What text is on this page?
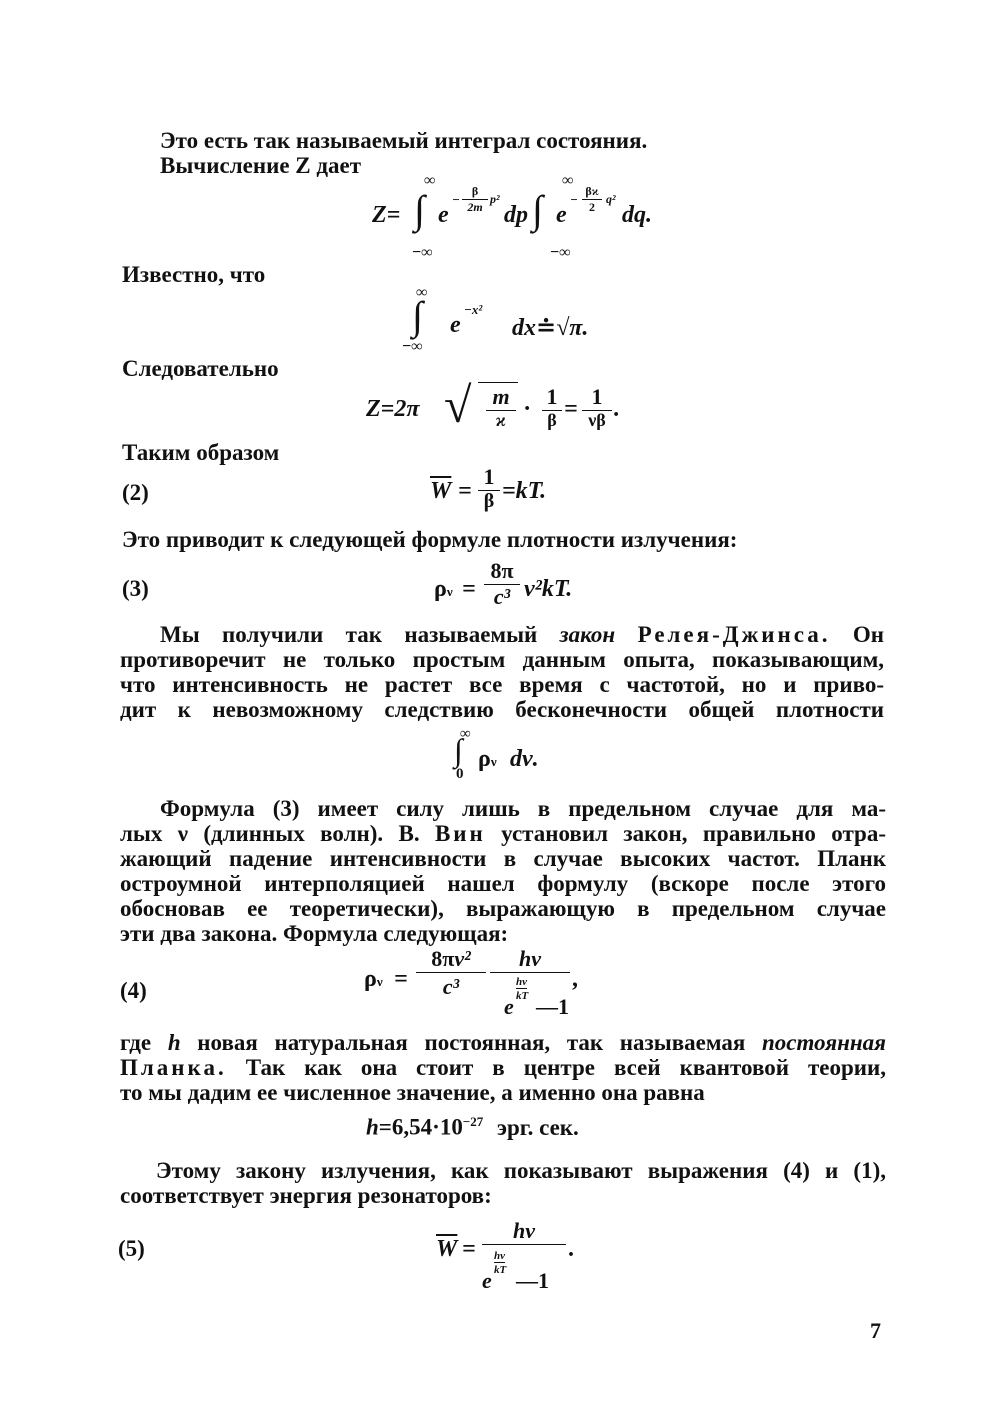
Это есть так называемый интеграл состояния.
Вычисление Z дает
∞
−∞
∞
−∞
Z= ∫ e
−
β
2m
p²
dp ∫ e
−
βϰ
2
q²
dq.
Известно, что
∞
−∞
∫ e
−x²
dx≐√π.
Следовательно
Z=2π √ m
ϰ · 1
β = 1
νβ .
Таким образом
(2)	$\overline{W}$ =
1
β =kT.
Это приводит к следующей формуле плотности излучения:
(3)	ρν =
8π
c³ ν²kT.
Мы получили так называемый закон Релея-Джинса. Он
противоречит не только простым данным опыта, показывающим,
что интенсивность не растет все время с частотой, но и приво-
дит к невозможному следствию бесконечности общей плотности
∞
0
∫ ρν dν.
Формула (3) имеет силу лишь в предельном случае для ма-
лых ν (длинных волн). В. Вин установил закон, правильно отра-
жающий падение интенсивности в случае высоких частот. Планк
остроумной интерполяцией нашел формулу (вскоре после этого
обосновав ее теоретически), выражающую в предельном случае
эти два закона. Формула следующая:
(4)	ρν =
8πν²
c³
hν
e
hν
kT —1
,
где h новая натуральная постоянная, так называемая постоянная
Планка. Так как она стоит в центре всей квантовой теории,
то мы дадим ее численное значение, а именно она равна
$h=6,54\cdot 10^{-27}$ эрг. сек.
Этому закону излучения, как показывают выражения (4) и (1),
соответствует энергия резонаторов:
(5)	$\overline{W}$ =
hν
e
hν
kT —1
.
7
